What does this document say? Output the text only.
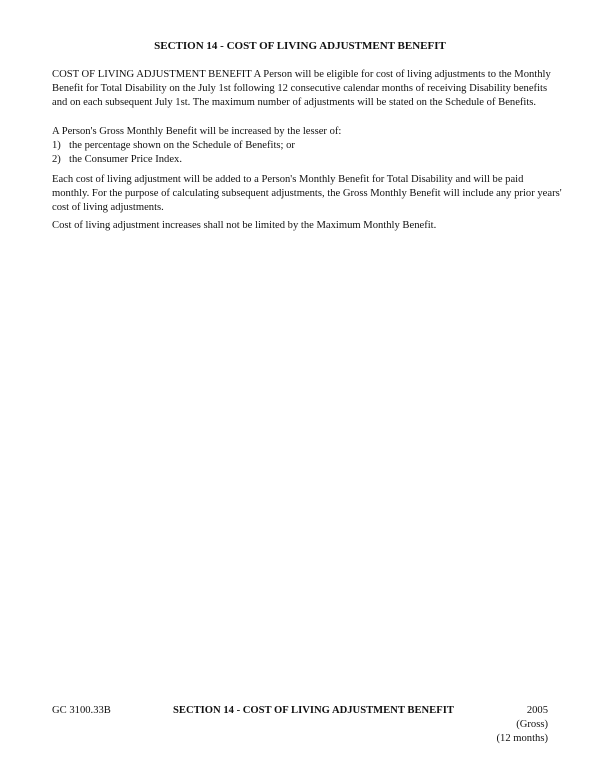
SECTION 14 - COST OF LIVING ADJUSTMENT BENEFIT

COST OF LIVING ADJUSTMENT BENEFIT A Person will be eligible for cost of living adjustments to the Monthly Benefit for Total Disability on the July 1st following 12 consecutive calendar months of receiving Disability benefits and on each subsequent July 1st. The maximum number of adjustments will be stated on the Schedule of Benefits.

A Person's Gross Monthly Benefit will be increased by the lesser of:

1) the percentage shown on the Schedule of Benefits; or
2) the Consumer Price Index.

Each cost of living adjustment will be added to a Person's Monthly Benefit for Total Disability and will be paid monthly. For the purpose of calculating subsequent adjustments, the Gross Monthly Benefit will include any prior years' cost of living adjustments.

Cost of living adjustment increases shall not be limited by the Maximum Monthly Benefit.

GC 3100.33B	SECTION 14 - COST OF LIVING ADJUSTMENT BENEFIT	2005
(Gross)
(12 months)
